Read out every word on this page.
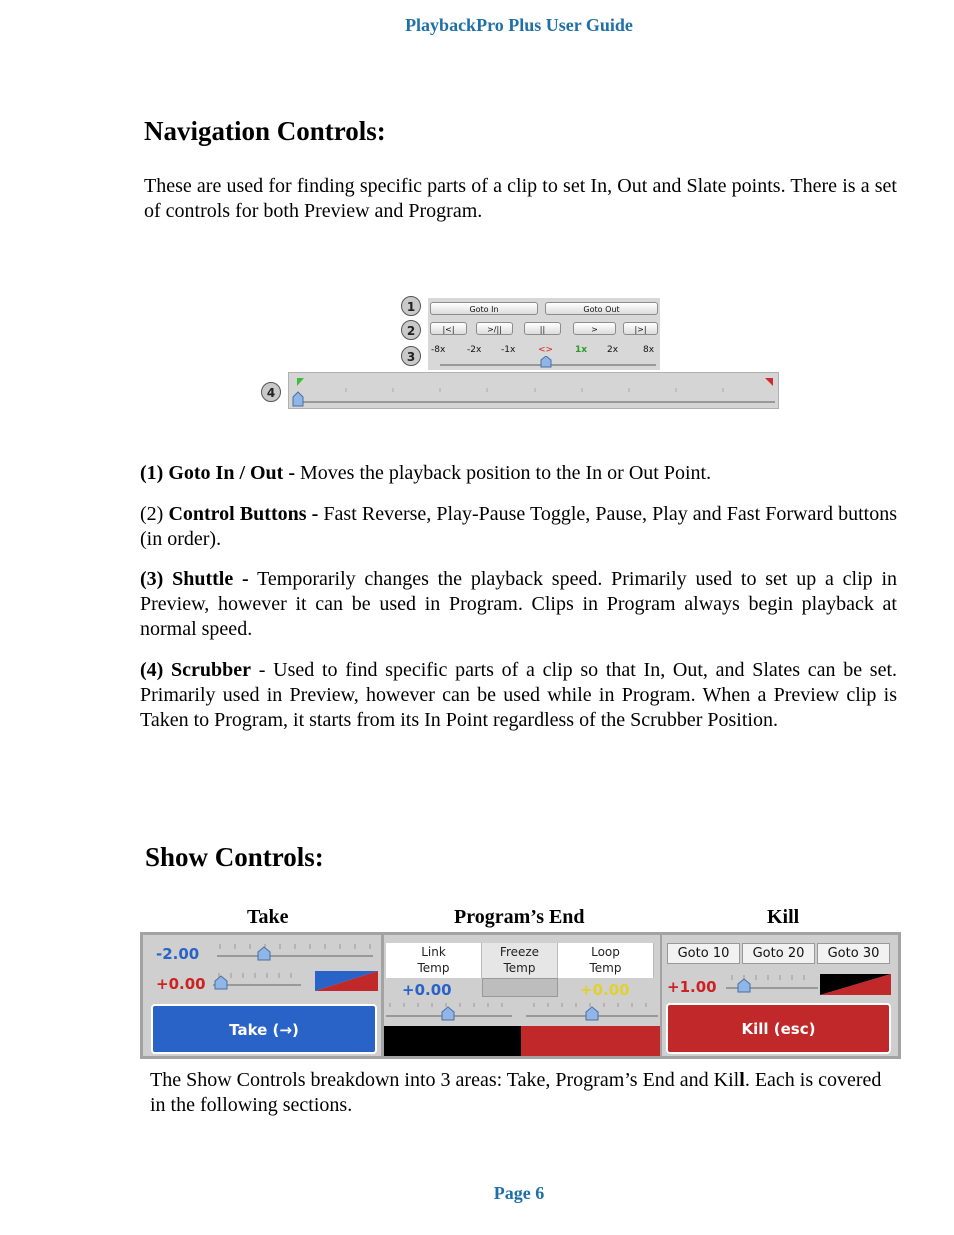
PlaybackPro Plus User Guide
Navigation Controls:

These are used for finding specific parts of a clip to set In, Out and Slate points. There is a set of controls for both Preview and Program.

1
2
3
4
Goto In	Goto Out
|<|	>/||	||	>	|>|
-8x -2x -1x	<> 1x 2x	8x

(1) Goto In / Out - Moves the playback position to the In or Out Point.

(2) Control Buttons - Fast Reverse, Play-Pause Toggle, Pause, Play and Fast Forward buttons (in order).

(3) Shuttle - Temporarily changes the playback speed. Primarily used to set up a clip in Preview, however it can be used in Program. Clips in Program always begin playback at normal speed.

(4) Scrubber - Used to find specific parts of a clip so that In, Out, and Slates can be set. Primarily used in Preview, however can be used while in Program. When a Preview clip is Taken to Program, it starts from its In Point regardless of the Scrubber Position.

Show Controls:
Take	Program’s End	Kill
-2.00
+0.00
Take (→)
Link
Temp
Freeze
Temp
Loop
Temp
+0.00	+0.00
Goto 10	Goto 20	Goto 30
+1.00
Kill (esc)

The Show Controls breakdown into 3 areas: Take, Program’s End and Kill. Each is covered in the following sections.

Page 6
